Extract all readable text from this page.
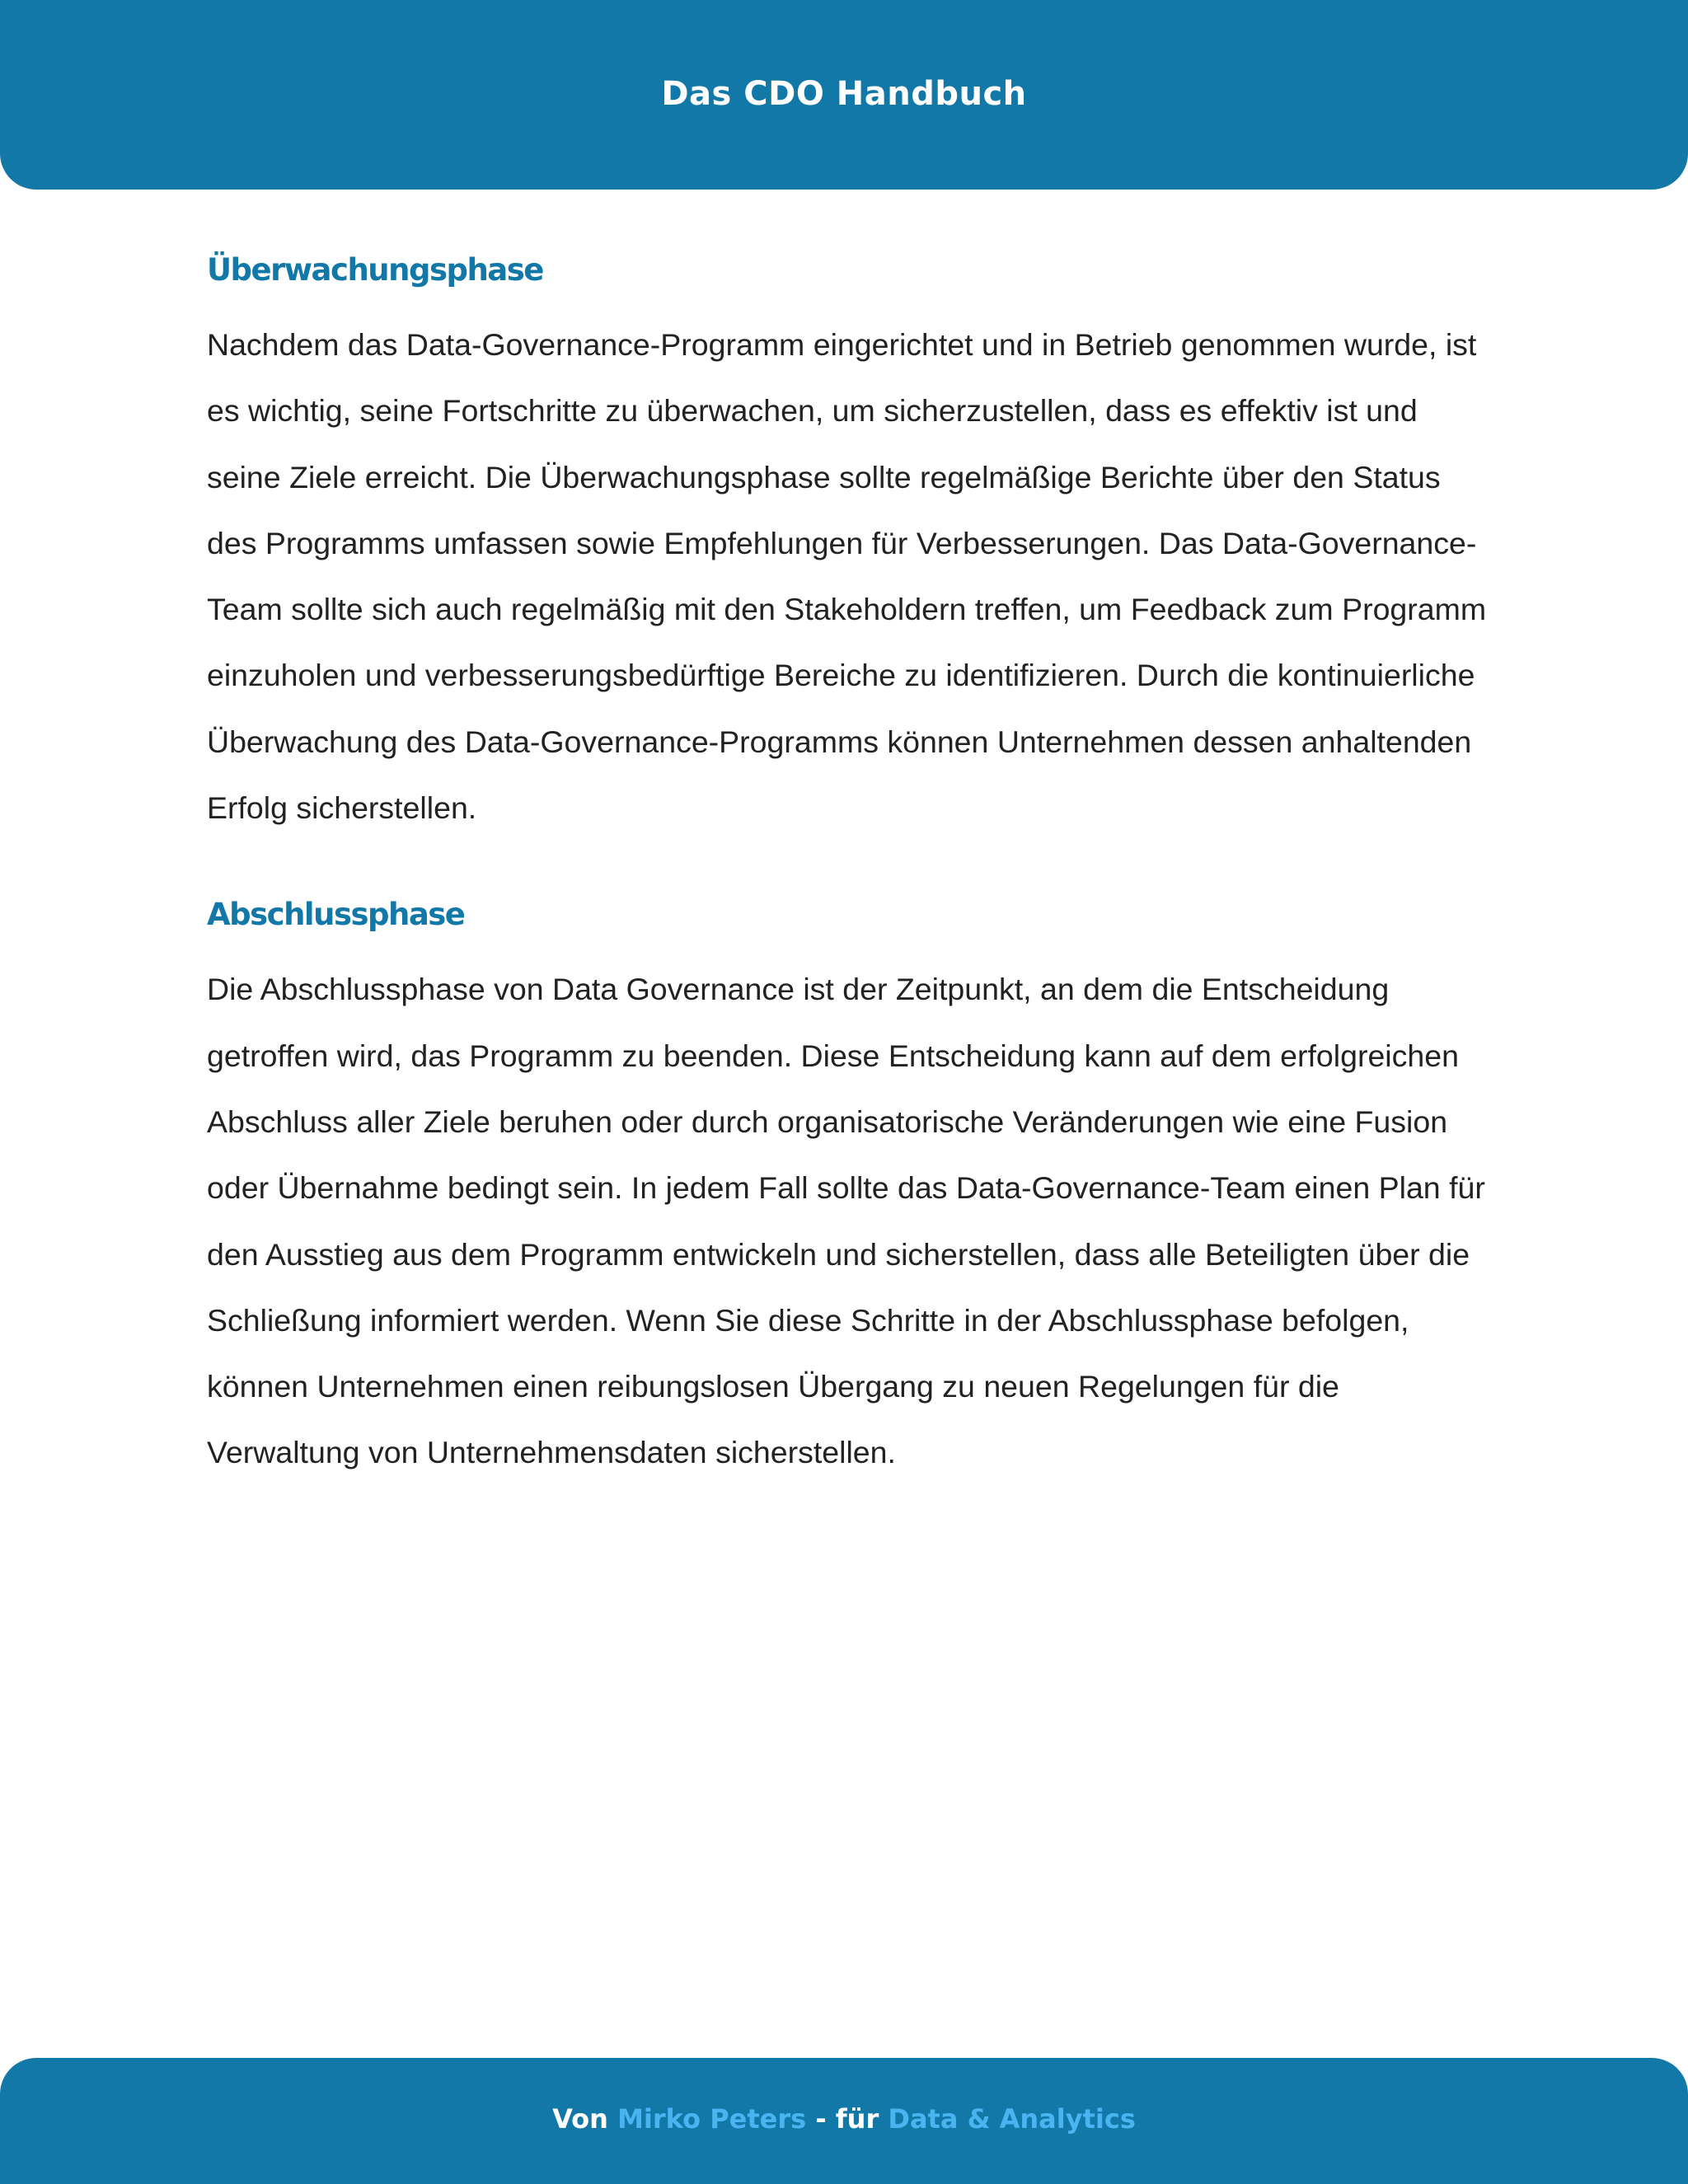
Das CDO Handbuch
Überwachungsphase

Nachdem das Data-Governance-Programm eingerichtet und in Betrieb genommen wurde, ist es wichtig, seine Fortschritte zu überwachen, um sicherzustellen, dass es effektiv ist und seine Ziele erreicht. Die Überwachungsphase sollte regelmäßige Berichte über den Status des Programms umfassen sowie Empfehlungen für Verbesserungen. Das Data-Governance-Team sollte sich auch regelmäßig mit den Stakeholdern treffen, um Feedback zum Programm einzuholen und verbesserungsbedürftige Bereiche zu identifizieren. Durch die kontinuierliche Überwachung des Data-Governance-Programms können Unternehmen dessen anhaltenden Erfolg sicherstellen.

Abschlussphase

Die Abschlussphase von Data Governance ist der Zeitpunkt, an dem die Entscheidung getroffen wird, das Programm zu beenden. Diese Entscheidung kann auf dem erfolgreichen Abschluss aller Ziele beruhen oder durch organisatorische Veränderungen wie eine Fusion oder Übernahme bedingt sein. In jedem Fall sollte das Data-Governance-Team einen Plan für den Ausstieg aus dem Programm entwickeln und sicherstellen, dass alle Beteiligten über die Schließung informiert werden. Wenn Sie diese Schritte in der Abschlussphase befolgen, können Unternehmen einen reibungslosen Übergang zu neuen Regelungen für die Verwaltung von Unternehmensdaten sicherstellen.

Von Mirko Peters - für Data & Analytics
